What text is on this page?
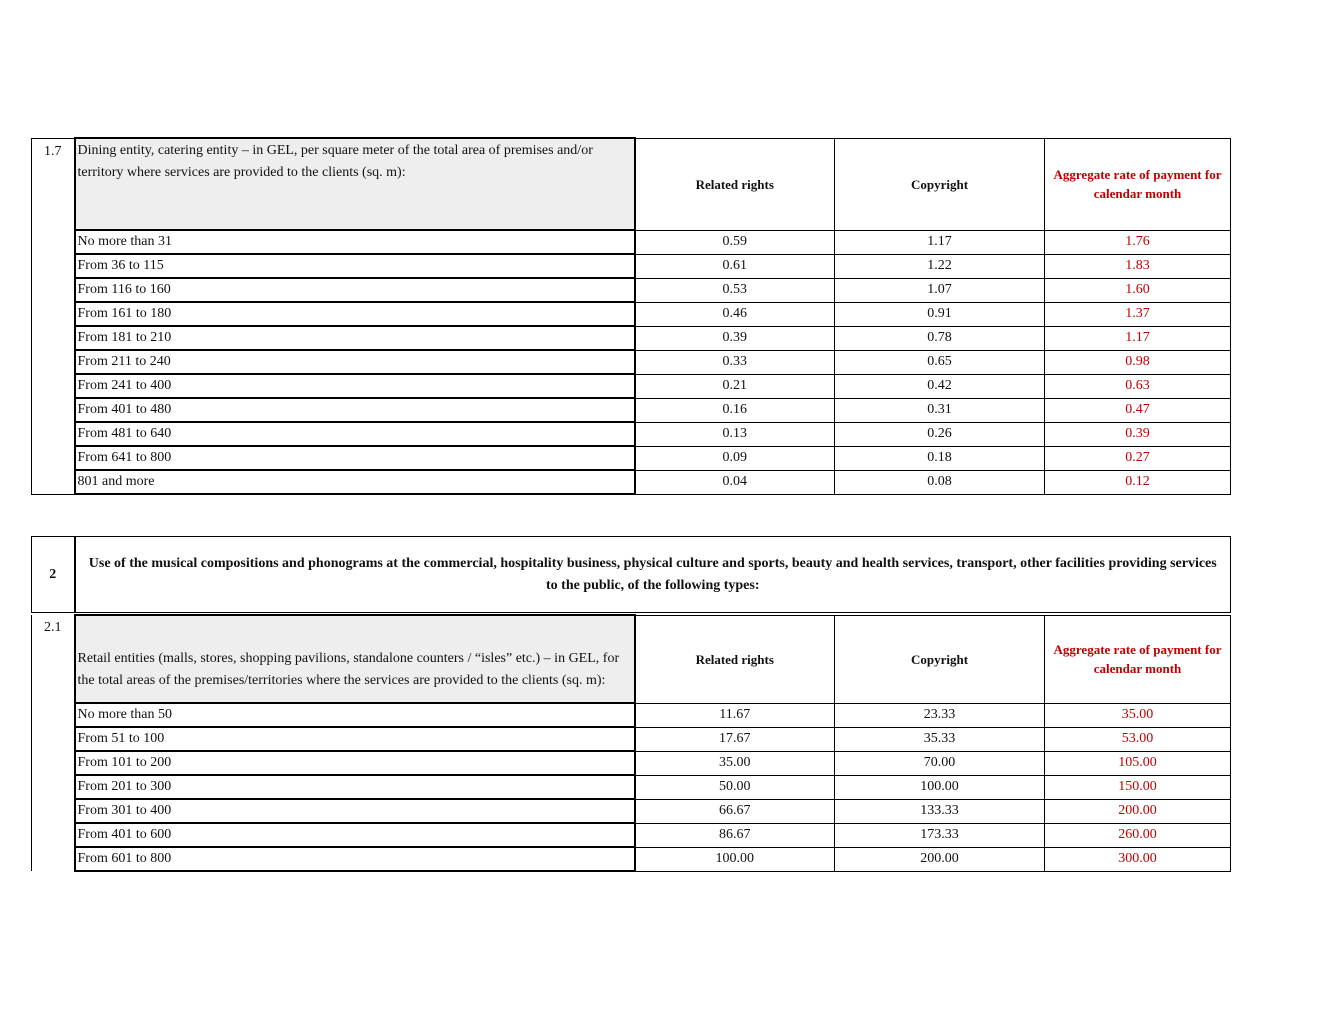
1.7	Dining entity, catering entity – in GEL, per square meter of the total area of premises and/or territory where services are provided to the clients (sq. m):	Related rights	Copyright	Aggregate rate of payment for calendar month
	No more than 31	0.59	1.17	1.76
	From 36 to 115	0.61	1.22	1.83
	From 116 to 160	0.53	1.07	1.60
	From 161 to 180	0.46	0.91	1.37
	From 181 to 210	0.39	0.78	1.17
	From 211 to 240	0.33	0.65	0.98
	From 241 to 400	0.21	0.42	0.63
	From 401 to 480	0.16	0.31	0.47
	From 481 to 640	0.13	0.26	0.39
	From 641 to 800	0.09	0.18	0.27
	801 and more	0.04	0.08	0.12
2	Use of the musical compositions and phonograms at the commercial, hospitality business, physical culture and sports, beauty and health services, transport, other facilities providing services to the public, of the following types:
2.1	Retail entities (malls, stores, shopping pavilions, standalone counters / “isles” etc.) – in GEL, for the total areas of the premises/territories where the services are provided to the clients (sq. m):	Related rights	Copyright	Aggregate rate of payment for calendar month
	No more than 50	11.67	23.33	35.00
	From 51 to 100	17.67	35.33	53.00
	From 101 to 200	35.00	70.00	105.00
	From 201 to 300	50.00	100.00	150.00
	From 301 to 400	66.67	133.33	200.00
	From 401 to 600	86.67	173.33	260.00
	From 601 to 800	100.00	200.00	300.00
